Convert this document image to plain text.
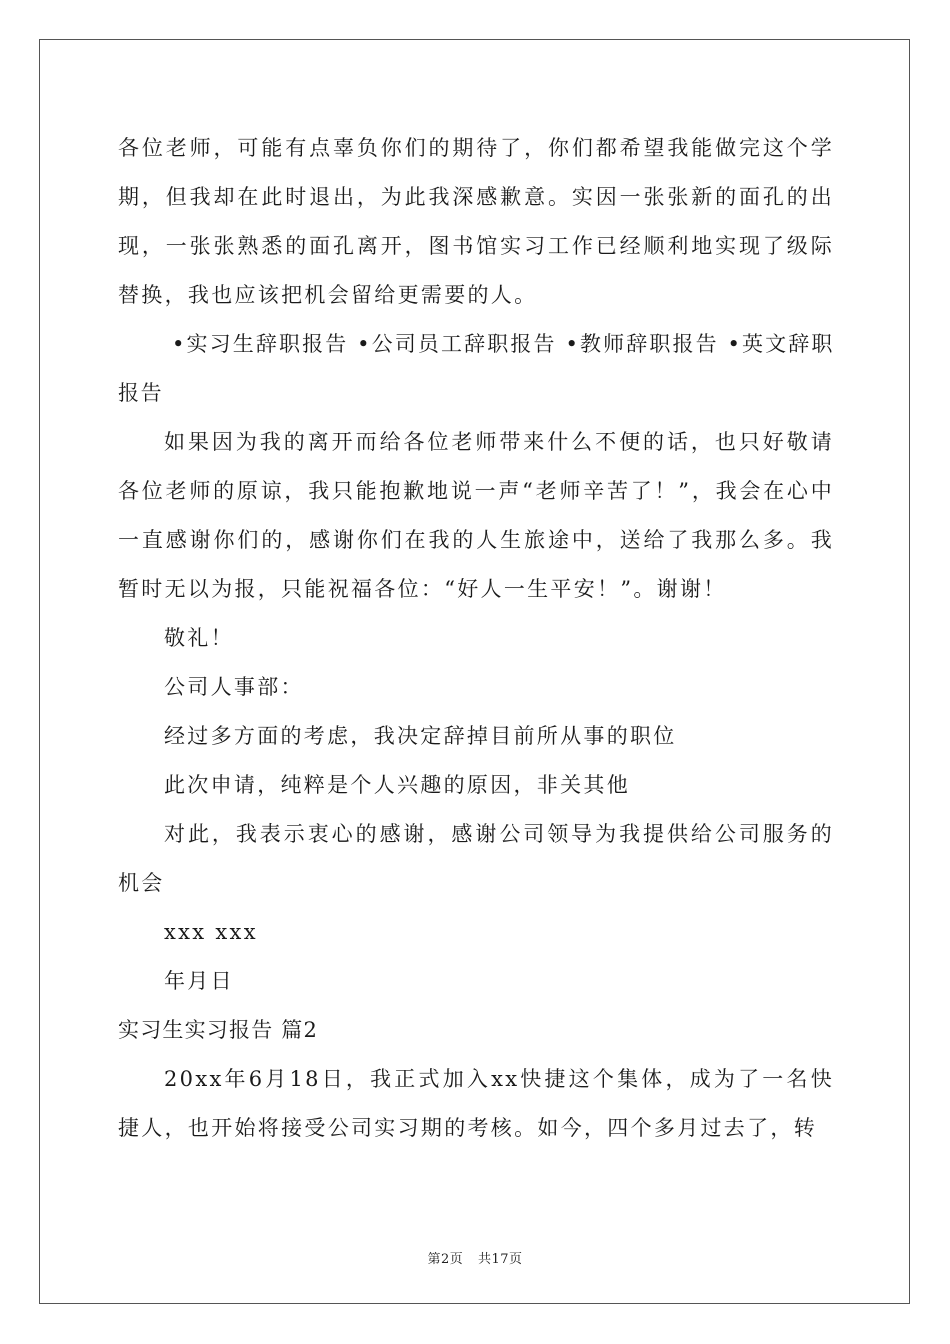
各位老师，可能有点辜负你们的期待了，你们都希望我能做完这个学期，但我却在此时退出，为此我深感歉意。实因一张张新的面孔的出现，一张张熟悉的面孔离开，图书馆实习工作已经顺利地实现了级际替换，我也应该把机会留给更需要的人。

•实习生辞职报告 •公司员工辞职报告 •教师辞职报告 •英文辞职报告

如果因为我的离开而给各位老师带来什么不便的话，也只好敬请各位老师的原谅，我只能抱歉地说一声“老师辛苦了！”，我会在心中一直感谢你们的，感谢你们在我的人生旅途中，送给了我那么多。我暂时无以为报，只能祝福各位：“好人一生平安！”。谢谢！

敬礼！

公司人事部：

经过多方面的考虑，我决定辞掉目前所从事的职位

此次申请，纯粹是个人兴趣的原因，非关其他

对此，我表示衷心的感谢，感谢公司领导为我提供给公司服务的机会

xxx xxx

年月日

实习生实习报告 篇2

20xx年6月18日，我正式加入xx快捷这个集体，成为了一名快捷人，也开始将接受公司实习期的考核。如今，四个多月过去了，转

第2页 共17页
